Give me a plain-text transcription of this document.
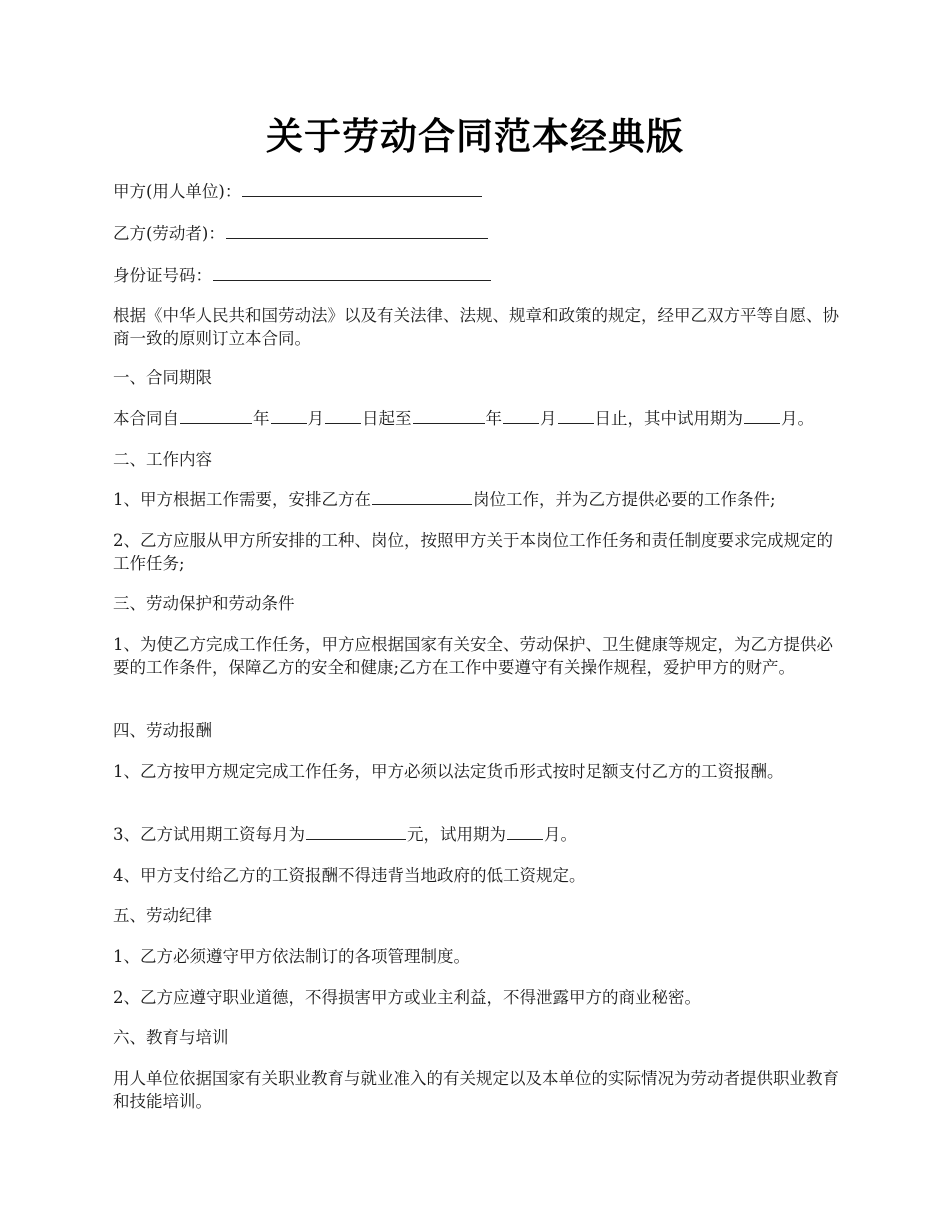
关于劳动合同范本经典版

甲方(用人单位)：

乙方(劳动者)：

身份证号码：

根据《中华人民共和国劳动法》以及有关法律、法规、规章和政策的规定，经甲乙双方平等自愿、协商一致的原则订立本合同。

一、合同期限

本合同自	年 月 日起至	年 月 日止，其中试用期为 月。

二、工作内容

1、甲方根据工作需要，安排乙方在	岗位工作，并为乙方提供必要的工作条件;

2、乙方应服从甲方所安排的工种、岗位，按照甲方关于本岗位工作任务和责任制度要求完成规定的工作任务;

三、劳动保护和劳动条件

1、为使乙方完成工作任务，甲方应根据国家有关安全、劳动保护、卫生健康等规定，为乙方提供必要的工作条件，保障乙方的安全和健康;乙方在工作中要遵守有关操作规程，爱护甲方的财产。

四、劳动报酬

1、乙方按甲方规定完成工作任务，甲方必须以法定货币形式按时足额支付乙方的工资报酬。

3、乙方试用期工资每月为	元，试用期为 月。

4、甲方支付给乙方的工资报酬不得违背当地政府的低工资规定。

五、劳动纪律

1、乙方必须遵守甲方依法制订的各项管理制度。

2、乙方应遵守职业道德，不得损害甲方或业主利益，不得泄露甲方的商业秘密。

六、教育与培训

用人单位依据国家有关职业教育与就业准入的有关规定以及本单位的实际情况为劳动者提供职业教育和技能培训。
